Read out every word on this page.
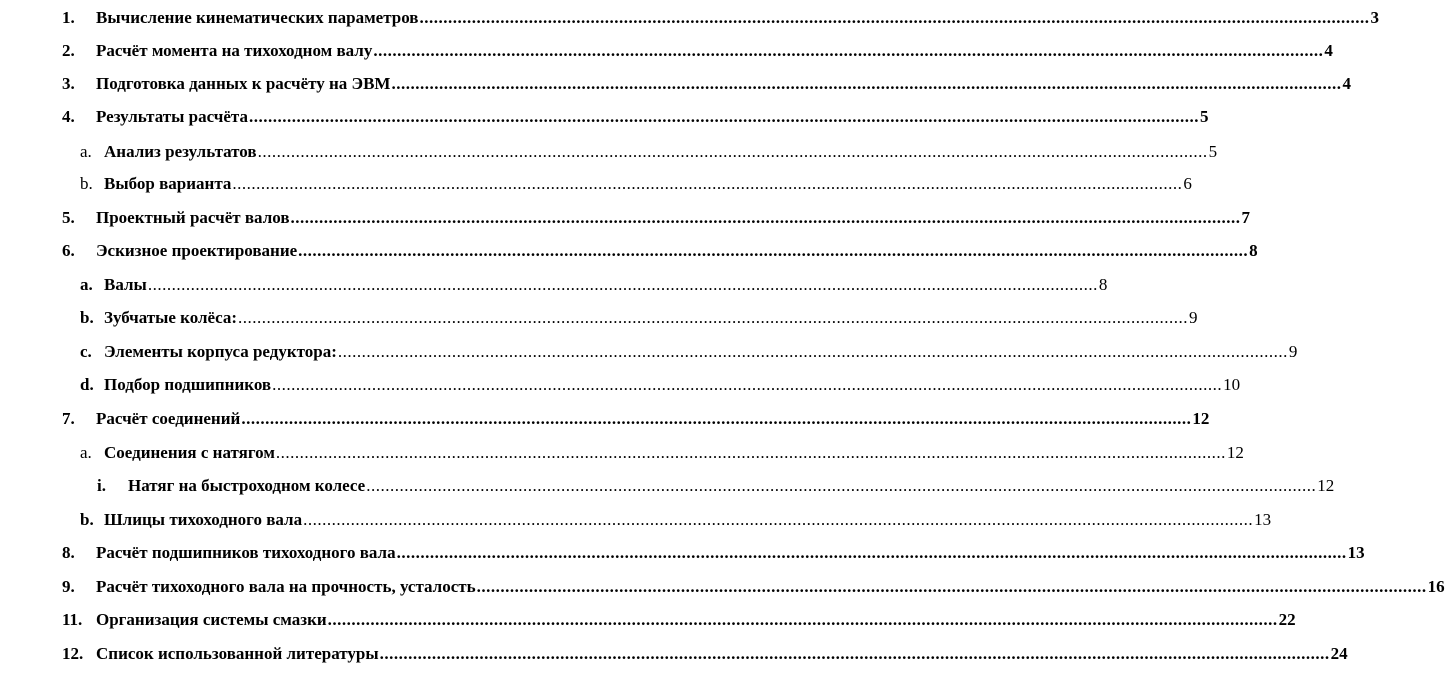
1.	Вычисление кинематических параметров ........................................................................................................................................................................................................ 3
2.	Расчёт момента на тихоходном валу ........................................................................................................................................................................................................ 4
3.	Подготовка данных к расчёту на ЭВМ ........................................................................................................................................................................................................ 4
4.	Результаты расчёта ........................................................................................................................................................................................................ 5
a. Анализ результатов ........................................................................................................................................................................................................ 5
b. Выбор варианта ........................................................................................................................................................................................................ 6
5.	Проектный расчёт валов ........................................................................................................................................................................................................ 7
6.	Эскизное проектирование ........................................................................................................................................................................................................ 8
a. Валы ........................................................................................................................................................................................................ 8
b. Зубчатые колёса: ........................................................................................................................................................................................................ 9
c. Элементы корпуса редуктора: ........................................................................................................................................................................................................ 9
d. Подбор подшипников ........................................................................................................................................................................................................ 10
7.	Расчёт соединений ........................................................................................................................................................................................................ 12
a. Соединения с натягом ........................................................................................................................................................................................................ 12
i.	Натяг на быстроходном колесе ........................................................................................................................................................................................................ 12
b. Шлицы тихоходного вала ........................................................................................................................................................................................................ 13
8.	Расчёт подшипников тихоходного вала ........................................................................................................................................................................................................ 13
9.	Расчёт тихоходного вала на прочность, усталость ........................................................................................................................................................................................................ 16
11. Организация системы смазки ........................................................................................................................................................................................................ 22
12. Список использованной литературы ........................................................................................................................................................................................................ 24
